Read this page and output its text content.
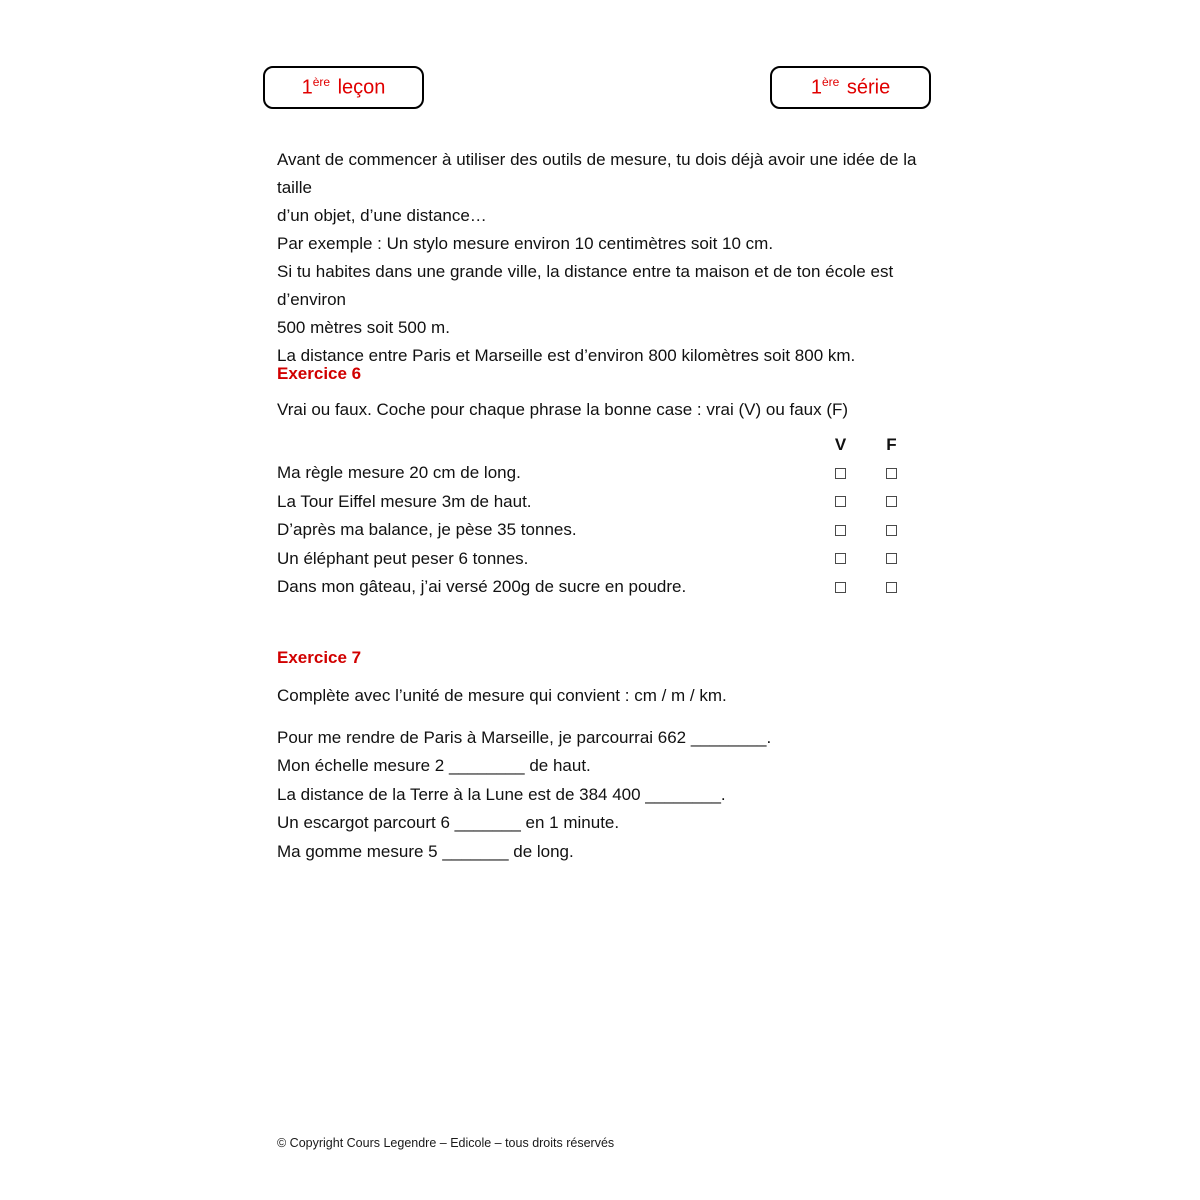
1ère leçon	1ère série
Avant de commencer à utiliser des outils de mesure, tu dois déjà avoir une idée de la taille
d’un objet, d’une distance…
Par exemple : Un stylo mesure environ 10 centimètres soit 10 cm.
Si tu habites dans une grande ville, la distance entre ta maison et de ton école est d’environ
500 mètres soit 500 m.
La distance entre Paris et Marseille est d’environ 800 kilomètres soit 800 km.
Exercice 6
Vrai ou faux. Coche pour chaque phrase la bonne case : vrai (V) ou faux (F)
V	F
Ma règle mesure 20 cm de long.
La Tour Eiffel mesure 3m de haut.
D’après ma balance, je pèse 35 tonnes.
Un éléphant peut peser 6 tonnes.
Dans mon gâteau, j’ai versé 200g de sucre en poudre.
Exercice 7
Complète avec l’unité de mesure qui convient : cm / m / km.
Pour me rendre de Paris à Marseille, je parcourrai 662 ________.
Mon échelle mesure 2 ________ de haut.
La distance de la Terre à la Lune est de 384 400 ________.
Un escargot parcourt 6 _______ en 1 minute.
Ma gomme mesure 5 _______ de long.
© Copyright Cours Legendre – Edicole – tous droits réservés
